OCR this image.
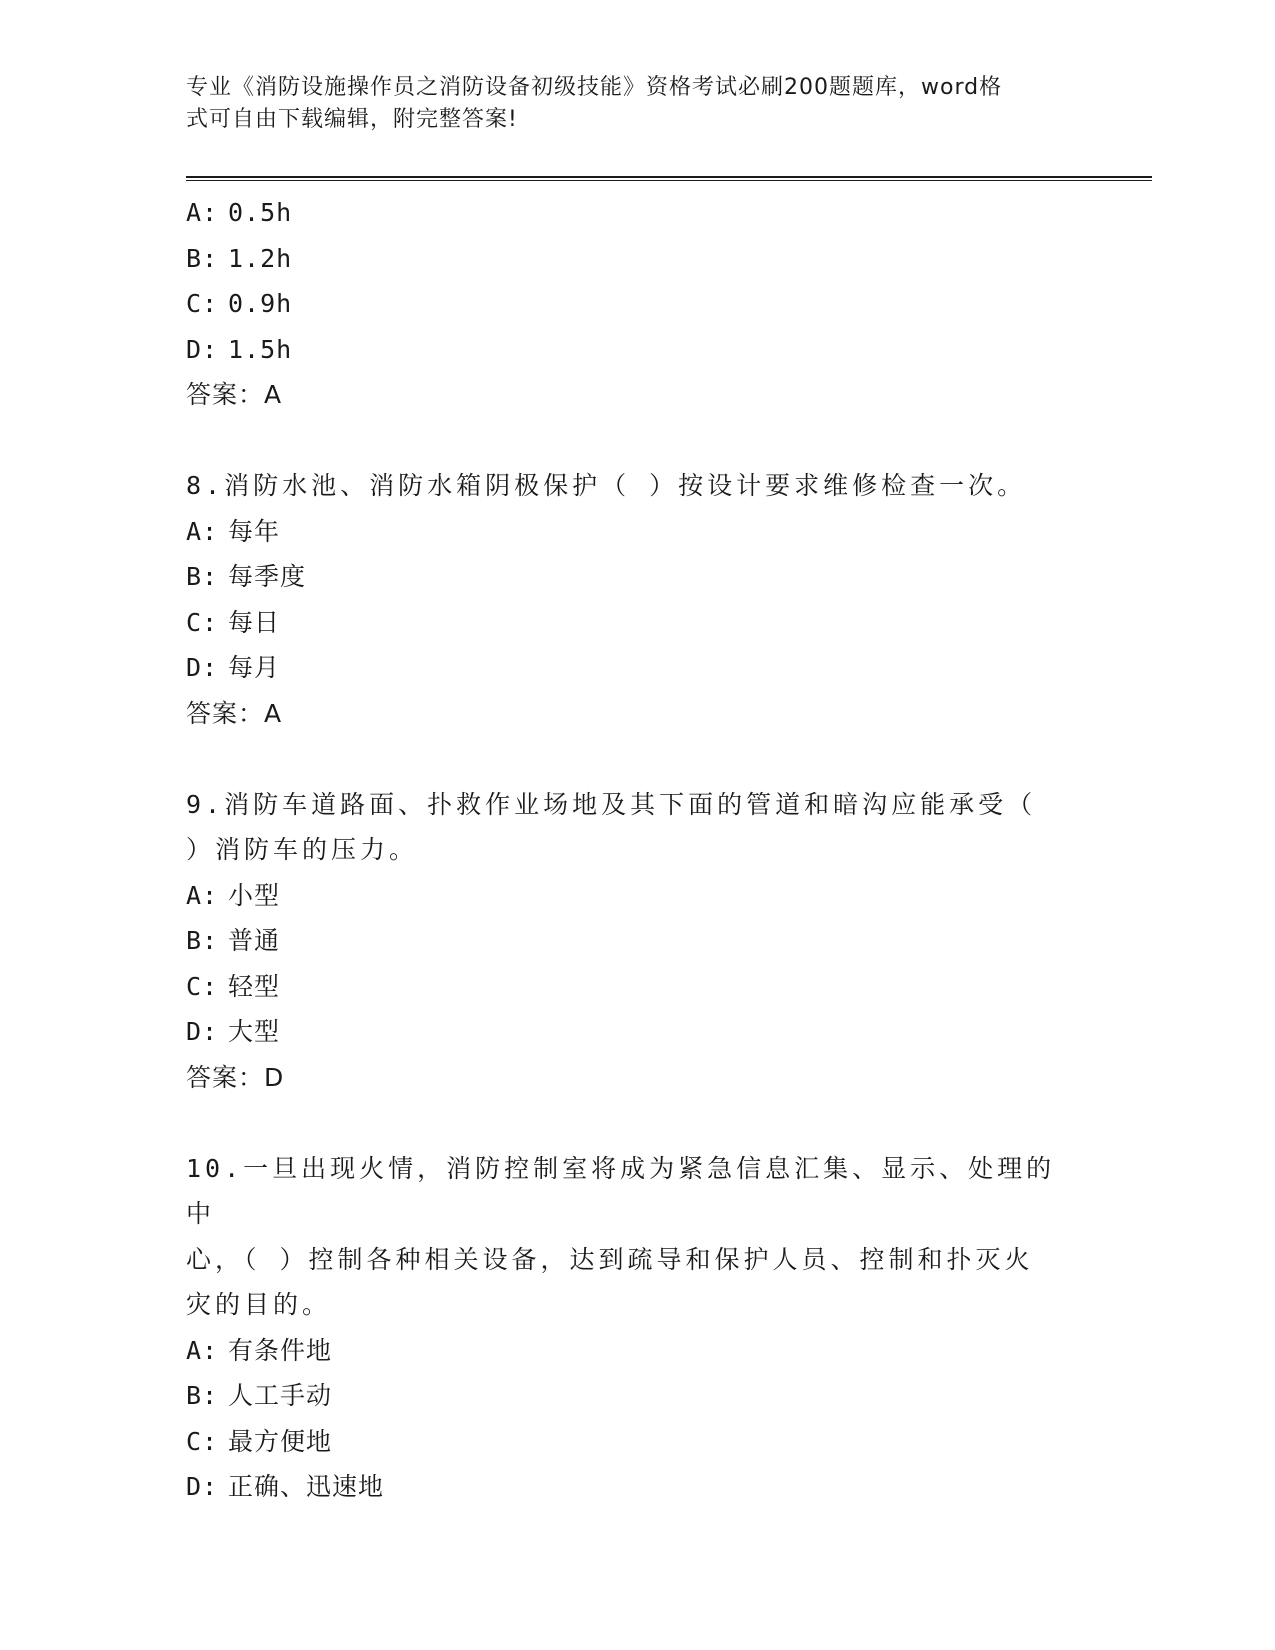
专业《消防设施操作员之消防设备初级技能》资格考试必刷200题题库，word格
式可自由下载编辑，附完整答案!
A: 0.5h
B: 1.2h
C: 0.9h
D: 1.5h
答案：A
8.消防水池、消防水箱阴极保护（ ）按设计要求维修检查一次。
A: 每年
B: 每季度
C: 每日
D: 每月
答案：A
9.消防车道路面、扑救作业场地及其下面的管道和暗沟应能承受（
）消防车的压力。
A: 小型
B: 普通
C: 轻型
D: 大型
答案：D
10.一旦出现火情，消防控制室将成为紧急信息汇集、显示、处理的中
心，（ ）控制各种相关设备，达到疏导和保护人员、控制和扑灭火
灾的目的。
A: 有条件地
B: 人工手动
C: 最方便地
D: 正确、迅速地
